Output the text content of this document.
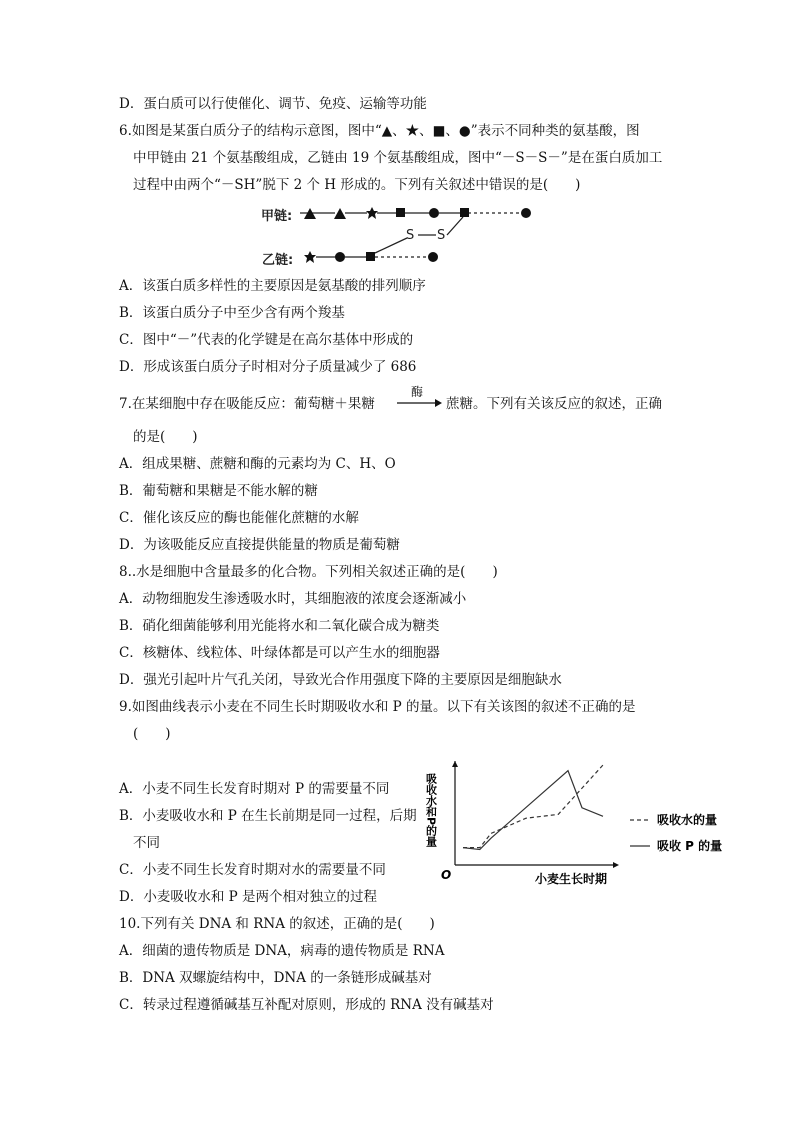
D．蛋白质可以行使催化、调节、免疫、运输等功能
6.如图是某蛋白质分子的结构示意图，图中“▲、★、■、●”表示不同种类的氨基酸，图
中甲链由 21 个氨基酸组成，乙链由 19 个氨基酸组成，图中“－S－S－”是在蛋白质加工
过程中由两个“－SH”脱下 2 个 H 形成的。下列有关叙述中错误的是(　　)
甲链:
乙链:
S S
A．该蛋白质多样性的主要原因是氨基酸的排列顺序
B．该蛋白质分子中至少含有两个羧基
C．图中“－”代表的化学键是在高尔基体中形成的
D．形成该蛋白质分子时相对分子质量减少了 686
7.在某细胞中存在吸能反应：葡萄糖＋果糖
酶
蔗糖。下列有关该反应的叙述，正确
的是(　　)
A．组成果糖、蔗糖和酶的元素均为 C、H、O
B．葡萄糖和果糖是不能水解的糖
C．催化该反应的酶也能催化蔗糖的水解
D．为该吸能反应直接提供能量的物质是葡萄糖
8..水是细胞中含量最多的化合物。下列相关叙述正确的是(　　)
A．动物细胞发生渗透吸水时，其细胞液的浓度会逐渐减小
B．硝化细菌能够利用光能将水和二氧化碳合成为糖类
C．核糖体、线粒体、叶绿体都是可以产生水的细胞器
D．强光引起叶片气孔关闭，导致光合作用强度下降的主要原因是细胞缺水
9.如图曲线表示小麦在不同生长时期吸收水和 P 的量。以下有关该图的叙述不正确的是
(　　)
A．小麦不同生长发育时期对 P 的需要量不同
B．小麦吸收水和 P 在生长前期是同一过程，后期
不同
C．小麦不同生长发育时期对水的需要量不同
D．小麦吸收水和 P 是两个相对独立的过程
O	小麦生长时期
吸收水和P的量	吸收水的量
吸收 P 的量
10.下列有关 DNA 和 RNA 的叙述，正确的是(　　)
A．细菌的遗传物质是 DNA，病毒的遗传物质是 RNA
B．DNA 双螺旋结构中，DNA 的一条链形成碱基对
C．转录过程遵循碱基互补配对原则，形成的 RNA 没有碱基对
